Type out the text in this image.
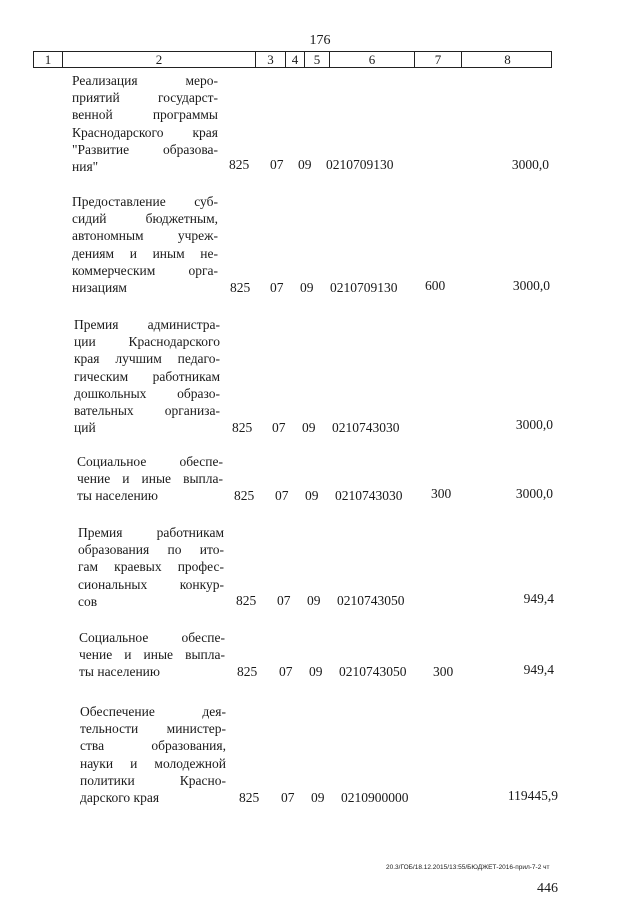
176
1	2	3	4	5	6	7	8
Реализация меро-
приятий государст-
венной программы
Краснодарского края
"Развитие образова-
ния"	825 07 09 0210709130	3000,0
Предоставление суб-
сидий бюджетным,
автономным учреж-
дениям и иным не-
коммерческим орга-
низациям	825 07 09 0210709130 600	3000,0
Премия администра-
ции Краснодарского
края лучшим педаго-
гическим работникам
дошкольных образо-
вательных организа-
ций	825 07 09 0210743030	3000,0
Социальное обеспе-
чение и иные выпла-
ты населению	825 07 09 0210743030 300	3000,0
Премия работникам
образования по ито-
гам краевых профес-
сиональных конкур-
сов	825 07 09 0210743050	949,4
Социальное обеспе-
чение и иные выпла-
ты населению	825 07 09 0210743050 300	949,4
Обеспечение дея-
тельности министер-
ства образования,
науки и молодежной
политики Красно-
дарского края	825 07 09 0210900000	119445,9
20.3/ГОБ/18.12.2015/13:55/БЮДЖЕТ-2016-прил-7-2 чт
446
